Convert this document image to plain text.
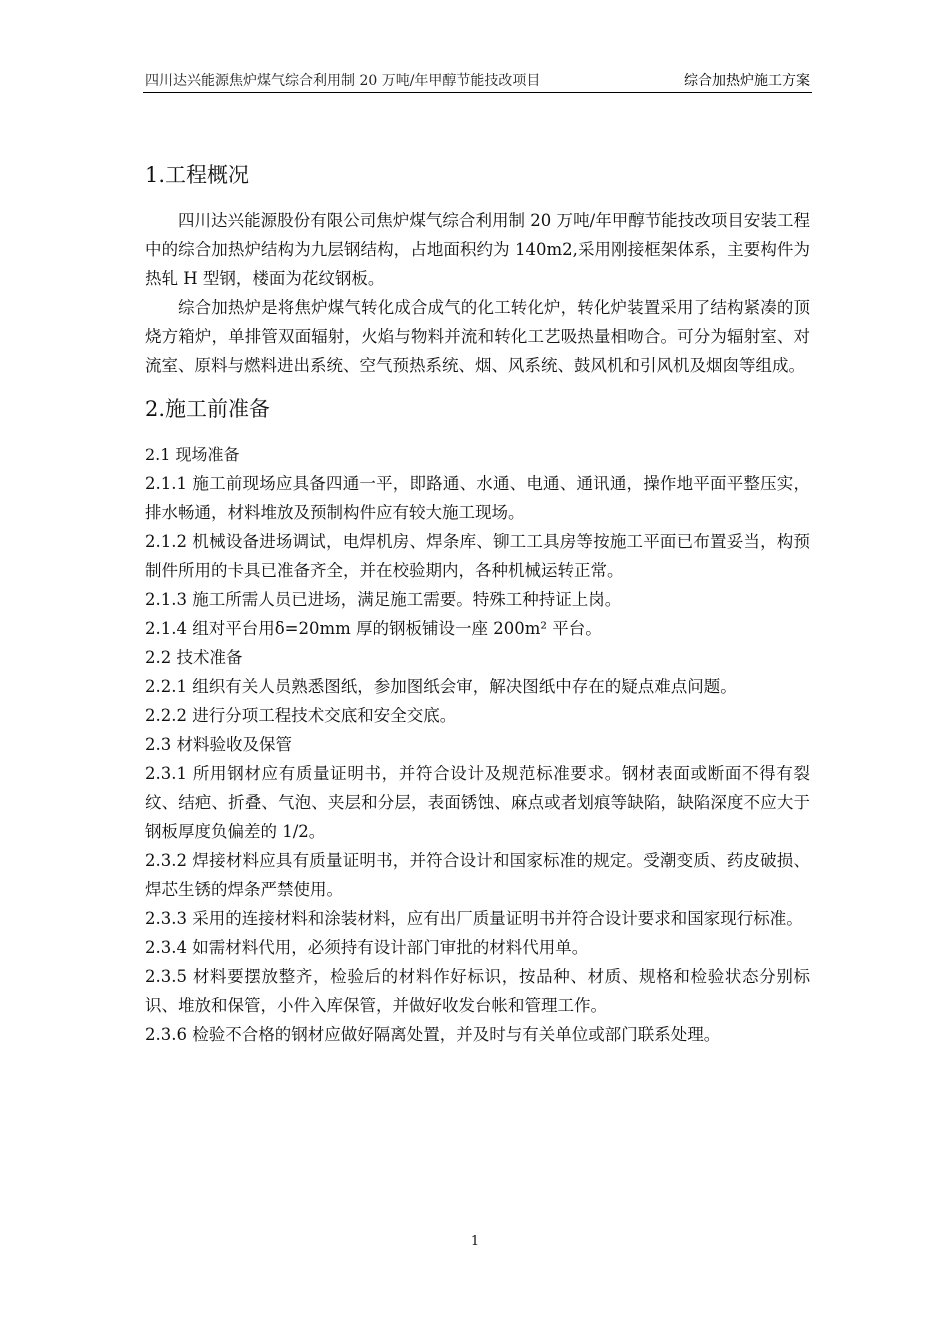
四川达兴能源焦炉煤气综合利用制 20 万吨/年甲醇节能技改项目	综合加热炉施工方案
1.工程概况

四川达兴能源股份有限公司焦炉煤气综合利用制 20 万吨/年甲醇节能技改项目安装工程中的综合加热炉结构为九层钢结构，占地面积约为 140m2,采用刚接框架体系，主要构件为热轧 H 型钢，楼面为花纹钢板。

综合加热炉是将焦炉煤气转化成合成气的化工转化炉，转化炉装置采用了结构紧凑的顶烧方箱炉，单排管双面辐射，火焰与物料并流和转化工艺吸热量相吻合。可分为辐射室、对流室、原料与燃料进出系统、空气预热系统、烟、风系统、鼓风机和引风机及烟囱等组成。

2.施工前准备

2.1 现场准备

2.1.1 施工前现场应具备四通一平，即路通、水通、电通、通讯通，操作地平面平整压实，排水畅通，材料堆放及预制构件应有较大施工现场。

2.1.2 机械设备进场调试，电焊机房、焊条库、铆工工具房等按施工平面已布置妥当，构预制件所用的卡具已准备齐全，并在校验期内，各种机械运转正常。

2.1.3 施工所需人员已进场，满足施工需要。特殊工种持证上岗。

2.1.4 组对平台用δ=20mm 厚的钢板铺设一座 200m² 平台。

2.2 技术准备

2.2.1 组织有关人员熟悉图纸，参加图纸会审，解决图纸中存在的疑点难点问题。

2.2.2 进行分项工程技术交底和安全交底。

2.3 材料验收及保管

2.3.1 所用钢材应有质量证明书，并符合设计及规范标准要求。钢材表面或断面不得有裂纹、结疤、折叠、气泡、夹层和分层，表面锈蚀、麻点或者划痕等缺陷，缺陷深度不应大于钢板厚度负偏差的 1/2。

2.3.2 焊接材料应具有质量证明书，并符合设计和国家标准的规定。受潮变质、药皮破损、焊芯生锈的焊条严禁使用。

2.3.3 采用的连接材料和涂装材料，应有出厂质量证明书并符合设计要求和国家现行标准。

2.3.4 如需材料代用，必须持有设计部门审批的材料代用单。

2.3.5 材料要摆放整齐，检验后的材料作好标识，按品种、材质、规格和检验状态分别标识、堆放和保管，小件入库保管，并做好收发台帐和管理工作。

2.3.6 检验不合格的钢材应做好隔离处置，并及时与有关单位或部门联系处理。

1
